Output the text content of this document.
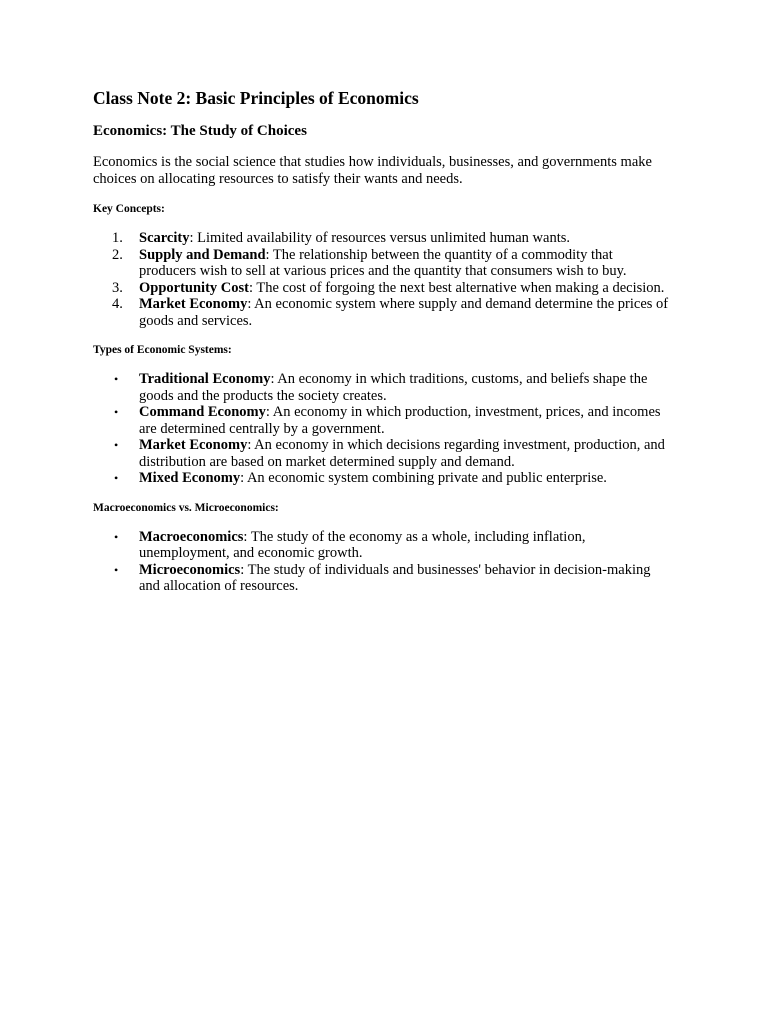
Class Note 2: Basic Principles of Economics
Economics: The Study of Choices

Economics is the social science that studies how individuals, businesses, and governments make choices on allocating resources to satisfy their wants and needs.

Key Concepts:
1.	Scarcity: Limited availability of resources versus unlimited human wants.
2.	Supply and Demand: The relationship between the quantity of a commodity that producers wish to sell at various prices and the quantity that consumers wish to buy.
3.	Opportunity Cost: The cost of forgoing the next best alternative when making a decision.
4.	Market Economy: An economic system where supply and demand determine the prices of goods and services.
Types of Economic Systems:
•	Traditional Economy: An economy in which traditions, customs, and beliefs shape the goods and the products the society creates.
•	Command Economy: An economy in which production, investment, prices, and incomes are determined centrally by a government.
•	Market Economy: An economy in which decisions regarding investment, production, and distribution are based on market determined supply and demand.
•	Mixed Economy: An economic system combining private and public enterprise.
Macroeconomics vs. Microeconomics:
•	Macroeconomics: The study of the economy as a whole, including inflation, unemployment, and economic growth.
•	Microeconomics: The study of individuals and businesses' behavior in decision-making and allocation of resources.
